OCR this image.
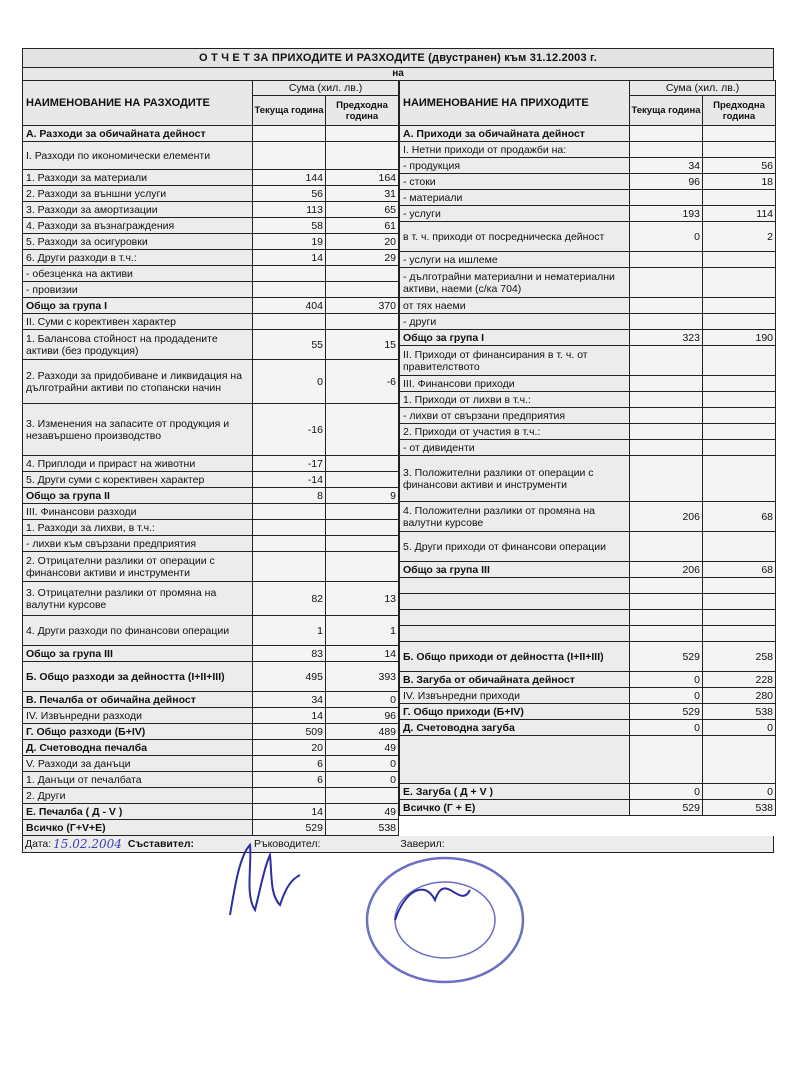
О Т Ч Е Т ЗА ПРИХОДИТЕ И РАЗХОДИТЕ (двустранен) към 31.12.2003 г.
на
НАИМЕНОВАНИЕ НА РАЗХОДИТЕ	Сума (хил. лв.)	
	Текуща година	Предходна година
А. Разходи за обичайната дейност		
I. Разходи по икономически елементи		
1. Разходи за материали	144	164
2. Разходи за външни услуги	56	31
3. Разходи за амортизации	113	65
4. Разходи за възнаграждения	58	61
5. Разходи за осигуровки	19	20
6. Други разходи в т.ч.:	14	29
- обезценка на активи		
- провизии		
Общо за група I	404	370
II. Суми с корективен характер		
1. Балансова стойност на продадените активи (без продукция)	55	15
2. Разходи за придобиване и ликвидация на дълготрайни активи по стопански начин	0	-6
3. Изменения на запасите от продукция и незавършено производство	-16	
4. Приплоди и прираст на животни	-17	
5. Други суми с корективен характер	-14	
Общо за група II	8	9
III. Финансови разходи		
1. Разходи за лихви, в т.ч.:		
- лихви към свързани предприятия		
2. Отрицателни разлики от операции с финансови активи и инструменти		
3. Отрицателни разлики от промяна на валутни курсове	82	13
4. Други разходи по финансови операции	1	1
Общо за група III	83	14
Б. Общо разходи за дейността (I+II+III)	495	393
В. Печалба от обичайна дейност	34	0
IV. Извънредни разходи	14	96
Г. Общо разходи (Б+IV)	509	489
Д. Счетоводна печалба	20	49
V. Разходи за данъци	6	0
1. Данъци от печалбата	6	0
2. Други		
Е. Печалба ( Д - V )	14	49
Всичко (Г+V+Е)	529	538
НАИМЕНОВАНИЕ НА ПРИХОДИТЕ	Сума (хил. лв.)	
	Текуща година	Предходна година
А. Приходи за обичайната дейност		
I. Нетни приходи от продажби на:		
- продукция	34	56
- стоки	96	18
- материали		
- услуги	193	114
в т. ч. приходи от посредническа дейност	0	2
- услуги на ишлеме		
- дълготрайни материални и нематериални активи, наеми (с/ка 704)		
от тях наеми		
- други		
Общо за група I	323	190
II. Приходи от финансирания в т. ч. от правителството		
III. Финансови приходи		
1. Приходи от лихви в т.ч.:		
- лихви от свързани предприятия		
2. Приходи от участия в т.ч.:		
- от дивиденти		
3. Положителни разлики от операции с финансови активи и инструменти		
4. Положителни разлики от промяна на валутни курсове	206	68
5. Други приходи от финансови операции		
Общо за група III	206	68

Б. Общо приходи от дейността (I+II+III)	529	258
В. Загуба от обичайната дейност	0	228
IV. Извънредни приходи	0	280
Г. Общо приходи (Б+IV)	529	538
Д. Счетоводна загуба	0	0

Е. Загуба ( Д + V )	0	0
Всичко (Г + Е)	529	538
Дата: 15.02.2004 Съставител:	Ръководител:	Заверил:
